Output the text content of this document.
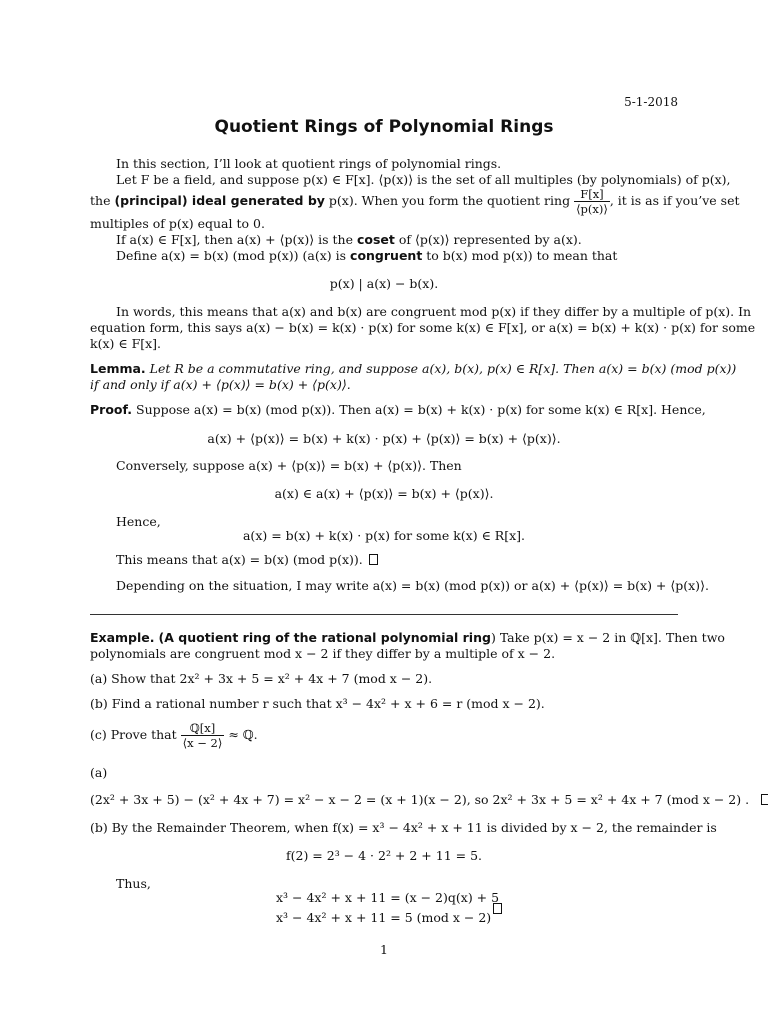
5-1-2018
Quotient Rings of Polynomial Rings
In this section, I’ll look at quotient rings of polynomial rings.
Let F be a field, and suppose p(x) ∈ F[x]. ⟨p(x)⟩ is the set of all multiples (by polynomials) of p(x),
the (principal) ideal generated by p(x). When you form the quotient ring $\frac{F[x]}{⟨p(x)⟩}$ , it is as if you’ve set
multiples of p(x) equal to 0.
If a(x) ∈ F[x], then a(x) + ⟨p(x)⟩ is the coset of ⟨p(x)⟩ represented by a(x).
Define a(x) = b(x) (mod p(x)) (a(x) is congruent to b(x) mod p(x)) to mean that
p(x) | a(x) − b(x).
In words, this means that a(x) and b(x) are congruent mod p(x) if they differ by a multiple of p(x). In
equation form, this says a(x) − b(x) = k(x) · p(x) for some k(x) ∈ F[x], or a(x) = b(x) + k(x) · p(x) for some
k(x) ∈ F[x].
Lemma. Let R be a commutative ring, and suppose a(x), b(x), p(x) ∈ R[x]. Then a(x) = b(x) (mod p(x))
if and only if a(x) + ⟨p(x)⟩ = b(x) + ⟨p(x)⟩.
Proof. Suppose a(x) = b(x) (mod p(x)). Then a(x) = b(x) + k(x) · p(x) for some k(x) ∈ R[x]. Hence,
a(x) + ⟨p(x)⟩ = b(x) + k(x) · p(x) + ⟨p(x)⟩ = b(x) + ⟨p(x)⟩.
Conversely, suppose a(x) + ⟨p(x)⟩ = b(x) + ⟨p(x)⟩. Then
a(x) ∈ a(x) + ⟨p(x)⟩ = b(x) + ⟨p(x)⟩.
Hence,
a(x) = b(x) + k(x) · p(x) for some k(x) ∈ R[x].
This means that a(x) = b(x) (mod p(x)).
Depending on the situation, I may write a(x) = b(x) (mod p(x)) or a(x) + ⟨p(x)⟩ = b(x) + ⟨p(x)⟩.
Example. (A quotient ring of the rational polynomial ring) Take p(x) = x − 2 in ℚ[x]. Then two
polynomials are congruent mod x − 2 if they differ by a multiple of x − 2.
(a) Show that 2x² + 3x + 5 = x² + 4x + 7 (mod x − 2).
(b) Find a rational number r such that x³ − 4x² + x + 6 = r (mod x − 2).
(c) Prove that $\frac{\text{ℚ[x]}}{⟨x - 2⟩}$ ≈ ℚ.
(a)
(2x² + 3x + 5) − (x² + 4x + 7) = x² − x − 2 = (x + 1)(x − 2), so 2x² + 3x + 5 = x² + 4x + 7 (mod x − 2) .
(b) By the Remainder Theorem, when f(x) = x³ − 4x² + x + 11 is divided by x − 2, the remainder is
f(2) = 2³ − 4 · 2² + 2 + 11 = 5.
Thus,
x³ − 4x² + x + 11 = (x − 2)q(x) + 5
x³ − 4x² + x + 11 = 5 (mod x − 2)
1
